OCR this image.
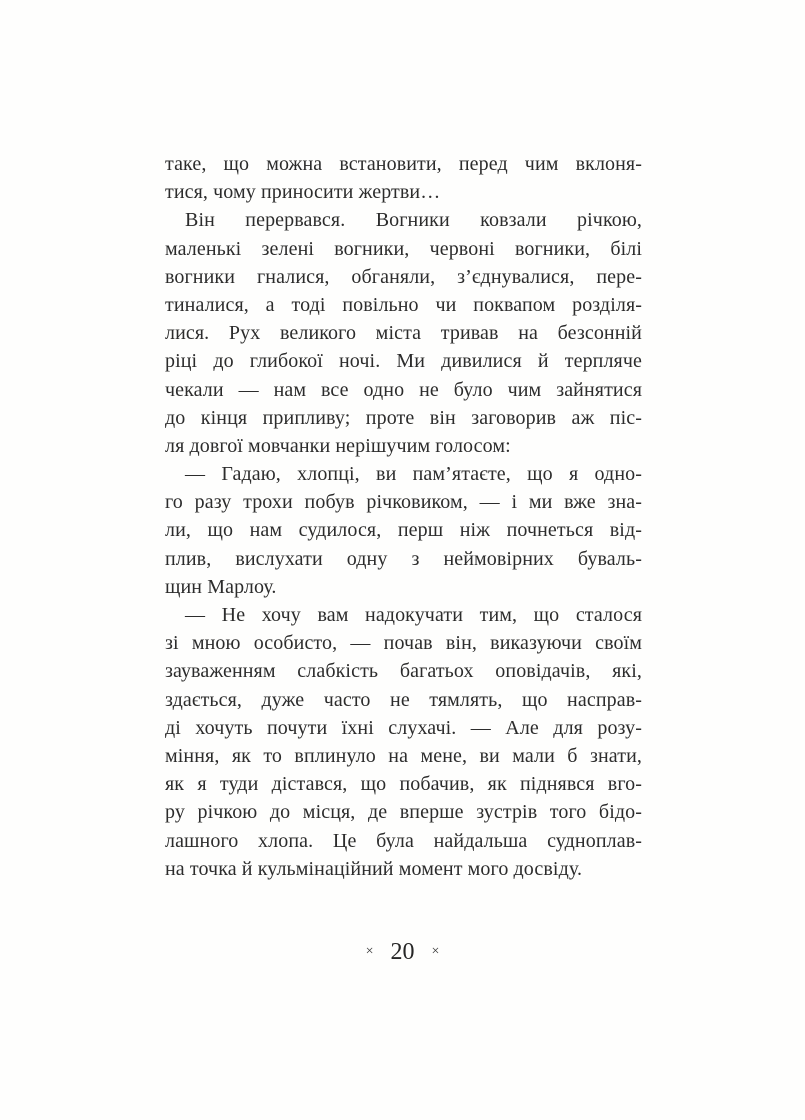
таке, що можна встановити, перед чим вклоня-
тися, чому приносити жертви…
Він перервався. Вогники ковзали річкою,
маленькі зелені вогники, червоні вогники, білі
вогники гналися, обганяли, з’єднувалися, пере-
тиналися, а тоді повільно чи поквапом розділя-
лися. Рух великого міста тривав на безсонній
ріці до глибокої ночі. Ми дивилися й терпляче
чекали — нам все одно не було чим зайнятися
до кінця припливу; проте він заговорив аж піс-
ля довгої мовчанки нерішучим голосом:
— Гадаю, хлопці, ви пам’ятаєте, що я одно-
го разу трохи побув річковиком, — і ми вже зна-
ли, що нам судилося, перш ніж почнеться від-
плив, вислухати одну з неймовірних буваль-
щин Марлоу.
— Не хочу вам надокучати тим, що сталося
зі мною особисто, — почав він, виказуючи своїм
зауваженням слабкість багатьох оповідачів, які,
здається, дуже часто не тямлять, що насправ-
ді хочуть почути їхні слухачі. — Але для розу-
міння, як то вплинуло на мене, ви мали б знати,
як я туди дістався, що побачив, як піднявся вго-
ру річкою до місця, де вперше зустрів того бідо-
лашного хлопа. Це була найдальша судноплав-
на точка й кульмінаційний момент мого досвіду.
× 20 ×
